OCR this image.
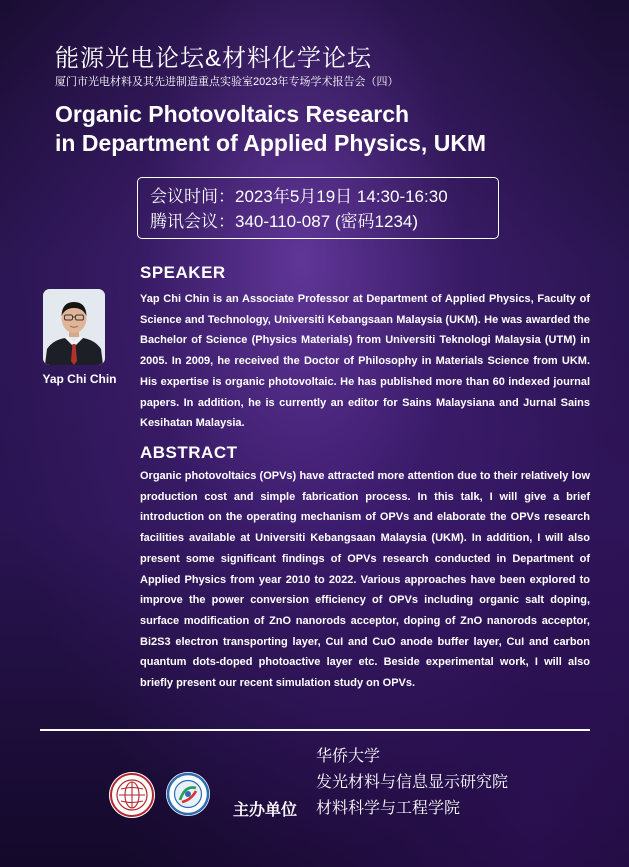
能源光电论坛&材料化学论坛
厦门市光电材料及其先进制造重点实验室2023年专场学术报告会（四）
Organic Photovoltaics Research
in Department of Applied Physics, UKM
会议时间：2023年5月19日 14:30-16:30
腾讯会议：340-110-087 (密码1234)
SPEAKER
Yap Chi Chin
Yap Chi Chin is an Associate Professor at Department of Applied Physics, Faculty of Science and Technology, Universiti Kebangsaan Malaysia (UKM). He was awarded the Bachelor of Science (Physics Materials) from Universiti Teknologi Malaysia (UTM) in 2005. In 2009, he received the Doctor of Philosophy in Materials Science from UKM. His expertise is organic photovoltaic. He has published more than 60 indexed journal papers. In addition, he is currently an editor for Sains Malaysiana and Jurnal Sains Kesihatan Malaysia.
ABSTRACT
Organic photovoltaics (OPVs) have attracted more attention due to their relatively low production cost and simple fabrication process. In this talk, I will give a brief introduction on the operating mechanism of OPVs and elaborate the OPVs research facilities available at Universiti Kebangsaan Malaysia (UKM). In addition, I will also present some significant findings of OPVs research conducted in Department of Applied Physics from year 2010 to 2022. Various approaches have been explored to improve the power conversion efficiency of OPVs including organic salt doping, surface modification of ZnO nanorods acceptor, doping of ZnO nanorods acceptor, Bi2S3 electron transporting layer, CuI and CuO anode buffer layer, CuI and carbon quantum dots-doped photoactive layer etc. Beside experimental work, I will also briefly present our recent simulation study on OPVs.
主办单位
华侨大学
发光材料与信息显示研究院
材料科学与工程学院
